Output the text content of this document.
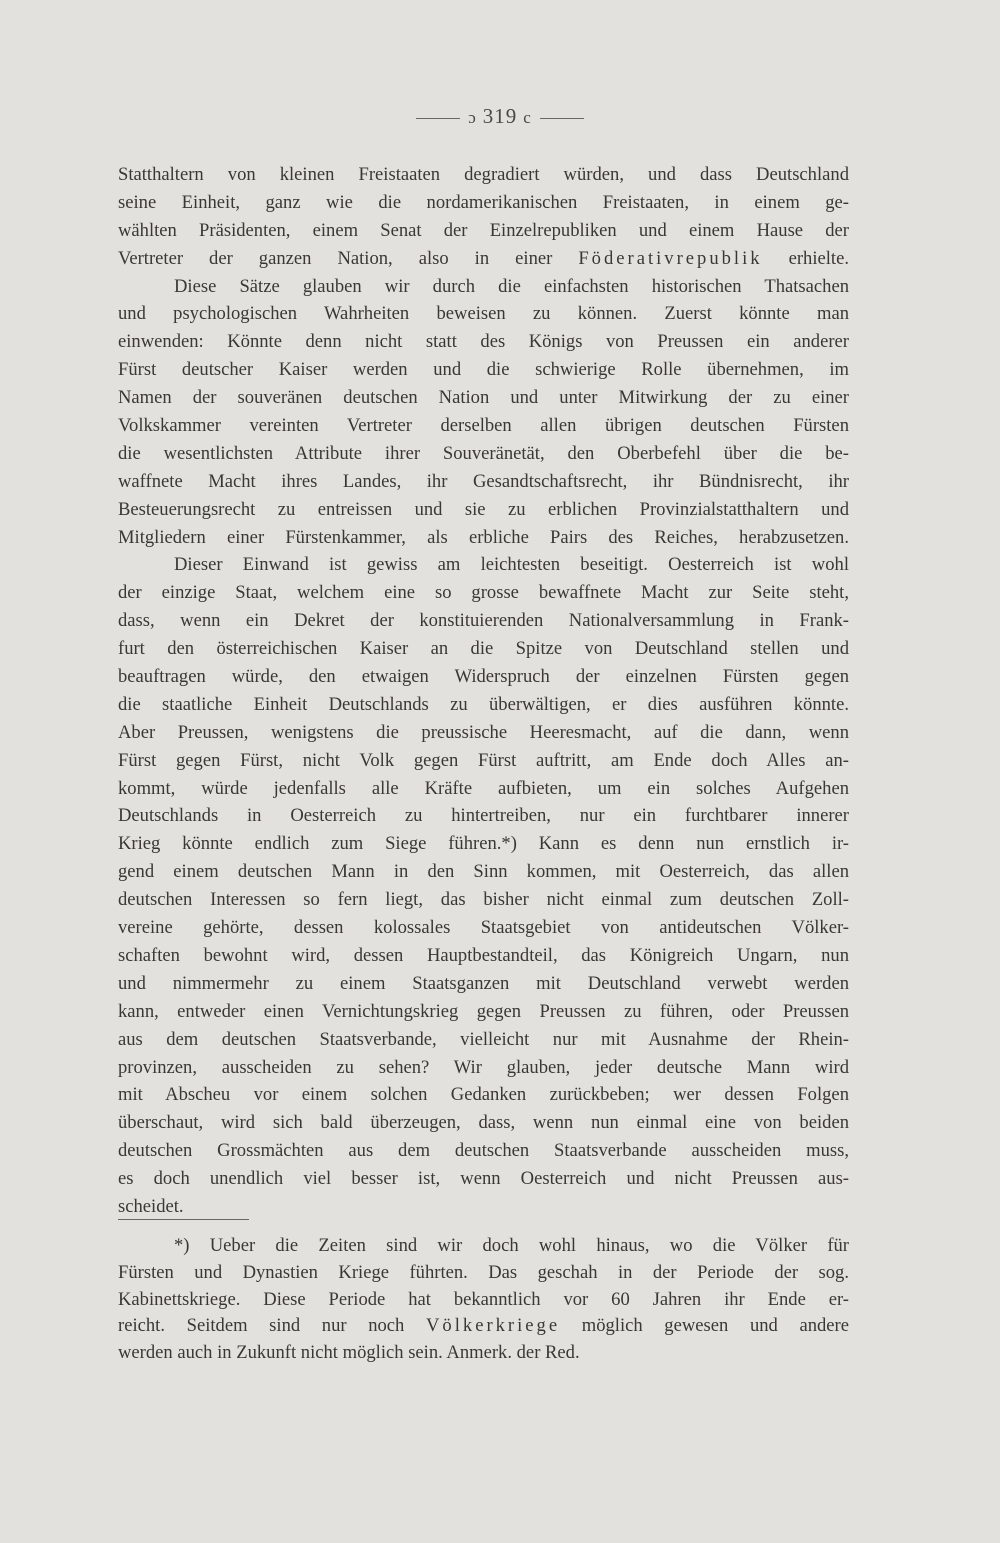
ɔ 319 c
Statthaltern von kleinen Freistaaten degradiert würden, und dass Deutschland
seine Einheit, ganz wie die nordamerikanischen Freistaaten, in einem ge-
wählten Präsidenten, einem Senat der Einzelrepubliken und einem Hause der
Vertreter der ganzen Nation, also in einer Föderativrepublik erhielte.
Diese Sätze glauben wir durch die einfachsten historischen Thatsachen
und psychologischen Wahrheiten beweisen zu können. Zuerst könnte man
einwenden: Könnte denn nicht statt des Königs von Preussen ein anderer
Fürst deutscher Kaiser werden und die schwierige Rolle übernehmen, im
Namen der souveränen deutschen Nation und unter Mitwirkung der zu einer
Volkskammer vereinten Vertreter derselben allen übrigen deutschen Fürsten
die wesentlichsten Attribute ihrer Souveränetät, den Oberbefehl über die be-
waffnete Macht ihres Landes, ihr Gesandtschaftsrecht, ihr Bündnisrecht, ihr
Besteuerungsrecht zu entreissen und sie zu erblichen Provinzialstatthaltern und
Mitgliedern einer Fürstenkammer, als erbliche Pairs des Reiches, herabzusetzen.
Dieser Einwand ist gewiss am leichtesten beseitigt. Oesterreich ist wohl
der einzige Staat, welchem eine so grosse bewaffnete Macht zur Seite steht,
dass, wenn ein Dekret der konstituierenden Nationalversammlung in Frank-
furt den österreichischen Kaiser an die Spitze von Deutschland stellen und
beauftragen würde, den etwaigen Widerspruch der einzelnen Fürsten gegen
die staatliche Einheit Deutschlands zu überwältigen, er dies ausführen könnte.
Aber Preussen, wenigstens die preussische Heeresmacht, auf die dann, wenn
Fürst gegen Fürst, nicht Volk gegen Fürst auftritt, am Ende doch Alles an-
kommt, würde jedenfalls alle Kräfte aufbieten, um ein solches Aufgehen
Deutschlands in Oesterreich zu hintertreiben, nur ein furchtbarer innerer
Krieg könnte endlich zum Siege führen.*) Kann es denn nun ernstlich ir-
gend einem deutschen Mann in den Sinn kommen, mit Oesterreich, das allen
deutschen Interessen so fern liegt, das bisher nicht einmal zum deutschen Zoll-
vereine gehörte, dessen kolossales Staatsgebiet von antideutschen Völker-
schaften bewohnt wird, dessen Hauptbestandteil, das Königreich Ungarn, nun
und nimmermehr zu einem Staatsganzen mit Deutschland verwebt werden
kann, entweder einen Vernichtungskrieg gegen Preussen zu führen, oder Preussen
aus dem deutschen Staatsverbande, vielleicht nur mit Ausnahme der Rhein-
provinzen, ausscheiden zu sehen? Wir glauben, jeder deutsche Mann wird
mit Abscheu vor einem solchen Gedanken zurückbeben; wer dessen Folgen
überschaut, wird sich bald überzeugen, dass, wenn nun einmal eine von beiden
deutschen Grossmächten aus dem deutschen Staatsverbande ausscheiden muss,
es doch unendlich viel besser ist, wenn Oesterreich und nicht Preussen aus-
scheidet.
*) Ueber die Zeiten sind wir doch wohl hinaus, wo die Völker für
Fürsten und Dynastien Kriege führten. Das geschah in der Periode der sog.
Kabinettskriege. Diese Periode hat bekanntlich vor 60 Jahren ihr Ende er-
reicht. Seitdem sind nur noch Völkerkriege möglich gewesen und andere
werden auch in Zukunft nicht möglich sein. Anmerk. der Red.
